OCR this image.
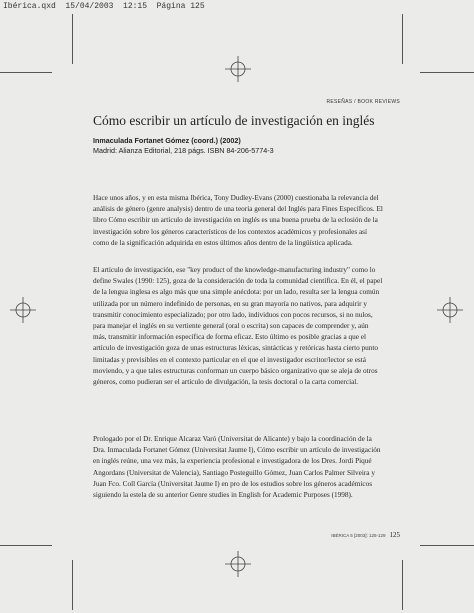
Ibérica.qxd  15/04/2003  12:15  Página 125
RESEÑAS / BOOK REVIEWS
Cómo escribir un artículo de investigación en inglés
Inmaculada Fortanet Gómez (coord.) (2002)
Madrid: Alianza Editorial, 218 págs. ISBN 84-206-5774-3

Hace unos años, y en esta misma Ibérica, Tony Dudley-Evans (2000) cuestionaba la relevancia del análisis de género (genre analysis) dentro de una teoría general del Inglés para Fines Específicos. El libro Cómo escribir un artículo de investigación en inglés es una buena prueba de la eclosión de la investigación sobre los géneros característicos de los contextos académicos y profesionales así como de la significación adquirida en estos últimos años dentro de la lingüística aplicada.

El artículo de investigación, ese "key product of the knowledge-manufacturing industry" como lo define Swales (1990: 125), goza de la consideración de toda la comunidad científica. En él, el papel de la lengua inglesa es algo más que una simple anécdota: por un lado, resulta ser la lengua común utilizada por un número indefinido de personas, en su gran mayoría no nativos, para adquirir y transmitir conocimiento especializado; por otro lado, individuos con pocos recursos, si no nulos, para manejar el inglés en su vertiente general (oral o escrita) son capaces de comprender y, aún más, transmitir información específica de forma eficaz. Esto último es posible gracias a que el artículo de investigación goza de unas estructuras léxicas, sintácticas y retóricas hasta cierto punto limitadas y previsibles en el contexto particular en el que el investigador escritor/lector se está moviendo, y a que tales estructuras conforman un cuerpo básico organizativo que se aleja de otros géneros, como pudieran ser el artículo de divulgación, la tesis doctoral o la carta comercial.

Prologado por el Dr. Enrique Alcaraz Varó (Universitat de Alicante) y bajo la coordinación de la Dra. Inmaculada Fortanet Gómez (Universitat Jaume I), Cómo escribir un artículo de investigación en inglés reúne, una vez más, la experiencia profesional e investigadora de los Dres. Jordi Piqué Angordans (Universitat de Valencia), Santiago Posteguillo Gómez, Juan Carlos Palmer Silveira y Juan Fco. Coll García (Universitat Jaume I) en pro de los estudios sobre los géneros académicos siguiendo la estela de su anterior Genre studies in English for Academic Purposes (1998).

IBÉRICA 5 [2003]: 125-129 125
